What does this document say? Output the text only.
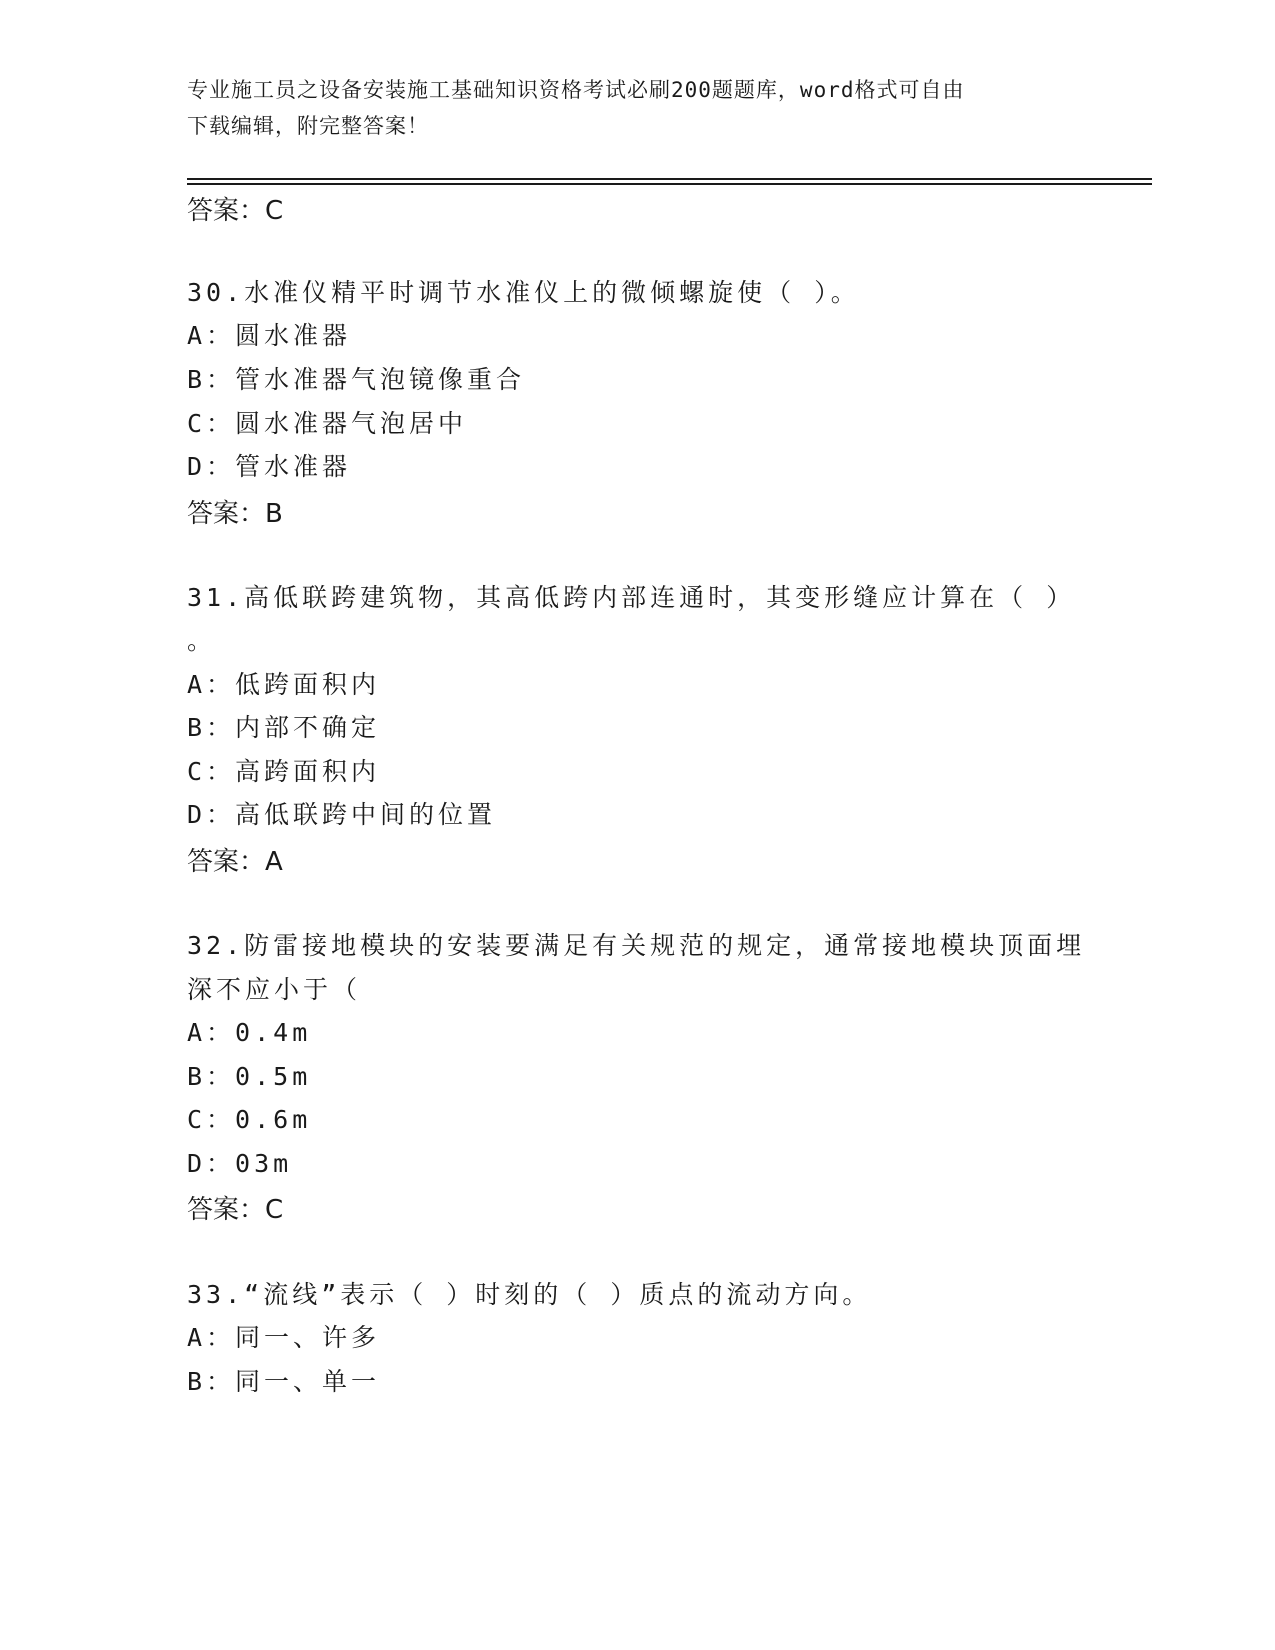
专业施工员之设备安装施工基础知识资格考试必刷200题题库，word格式可自由
下载编辑，附完整答案！
答案：C
30.水准仪精平时调节水准仪上的微倾螺旋使（ ）。
A：圆水准器
B：管水准器气泡镜像重合
C：圆水准器气泡居中
D：管水准器
答案：B
31.高低联跨建筑物，其高低跨内部连通时，其变形缝应计算在（ ）
。
A：低跨面积内
B：内部不确定
C：高跨面积内
D：高低联跨中间的位置
答案：A
32.防雷接地模块的安装要满足有关规范的规定，通常接地模块顶面埋
深不应小于（
A：0.4m
B：0.5m
C：0.6m
D：03m
答案：C
33.“流线”表示（ ）时刻的（ ）质点的流动方向。
A：同一、许多
B：同一、单一
